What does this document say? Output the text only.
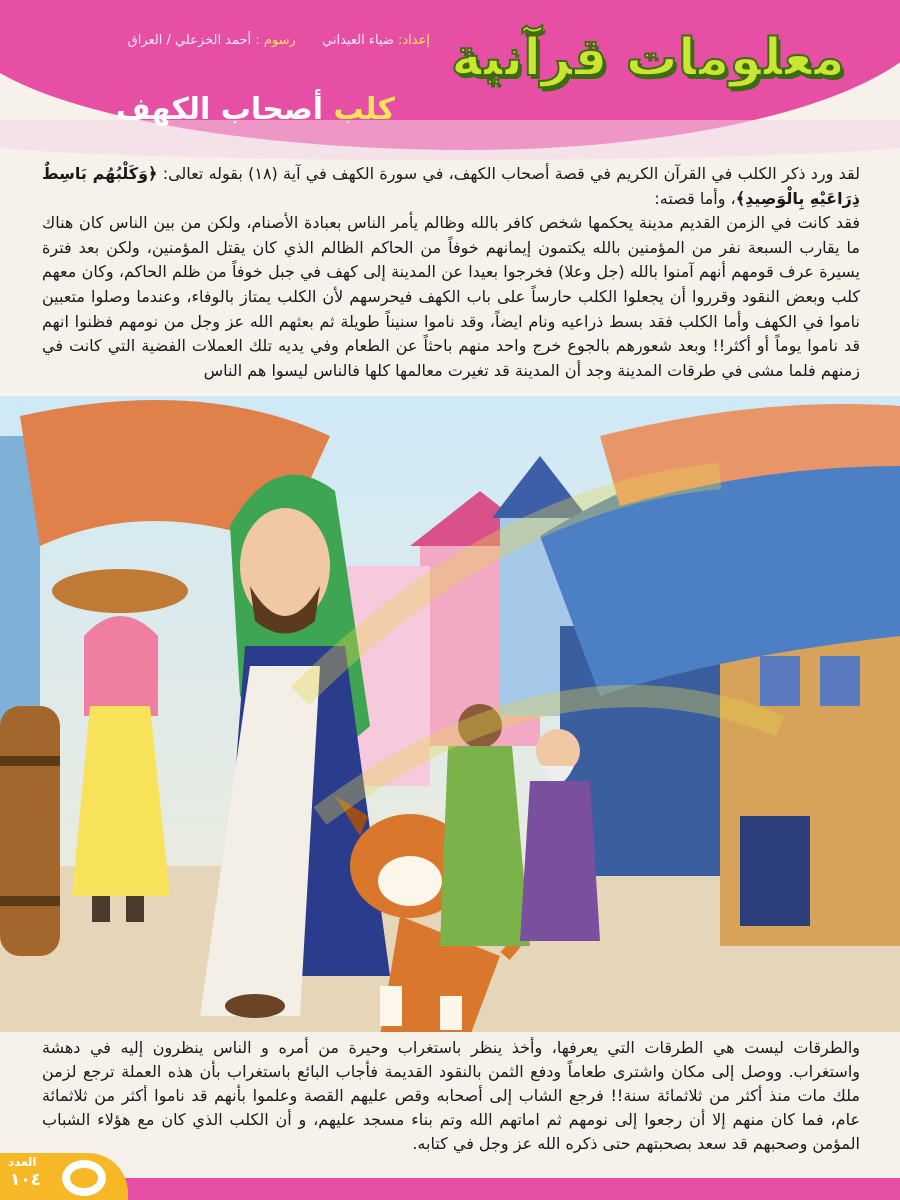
إعداد: ضياء العيداني  رسوم : أحمد الخزعلي / العراق	معلومات قرآنية
كلب أصحاب الكهف

لقد ورد ذكر الكلب في القرآن الكريم في قصة أصحاب الكهف، في سورة الكهف في آية (١٨) بقوله تعالى: ﴿وَكَلْبُهُم بَاسِطٌ ذِرَاعَيْهِ بِالْوَصِيدِ﴾، وأما قصته:

فقد كانت في الزمن القديم مدينة يحكمها شخص كافر بالله وظالم يأمر الناس بعبادة الأصنام، ولكن من بين الناس كان هناك ما يقارب السبعة نفر من المؤمنين بالله يكتمون إيمانهم خوفاً من الحاكم الظالم الذي كان يقتل المؤمنين، ولكن بعد فترة يسيرة عرف قومهم أنهم آمنوا بالله (جل وعلا) فخرجوا بعيدا عن المدينة إلى كهف في جبل خوفاً من ظلم الحاكم، وكان معهم كلب وبعض النقود وقرروا أن يجعلوا الكلب حارساً على باب الكهف فيحرسهم لأن الكلب يمتاز بالوفاء، وعندما وصلوا متعبين ناموا في الكهف وأما الكلب فقد بسط ذراعيه ونام ايضاً، وقد ناموا سنيناً طويلة ثم بعثهم الله عز وجل من نومهم فظنوا انهم قد ناموا يوماً أو أكثر!! وبعد شعورهم بالجوع خرج واحد منهم باحثاً عن الطعام وفي يديه تلك العملات الفضية التي كانت في زمنهم فلما مشى في طرقات المدينة وجد أن المدينة قد تغيرت معالمها كلها فالناس ليسوا هم الناس

والطرقات ليست هي الطرقات التي يعرفها، وأخذ ينظر باستغراب وحيرة من أمره و الناس ينظرون إليه في دهشة واستغراب. ووصل إلى مكان واشترى طعاماً ودفع الثمن بالنقود القديمة فأجاب البائع باستغراب بأن هذه العملة ترجع لزمن ملك مات منذ أكثر من ثلاثمائة سنة!! فرجع الشاب إلى أصحابه وقص عليهم القصة وعلموا بأنهم قد ناموا أكثر من ثلاثمائة عام، فما كان منهم إلا أن رجعوا إلى نومهم ثم اماتهم الله وتم بناء مسجد عليهم، و أن الكلب الذي كان مع هؤلاء الشباب المؤمن وصحبهم قد سعد بصحبتهم حتى ذكره الله عز وجل في كتابه.

العدد
١٠٤
